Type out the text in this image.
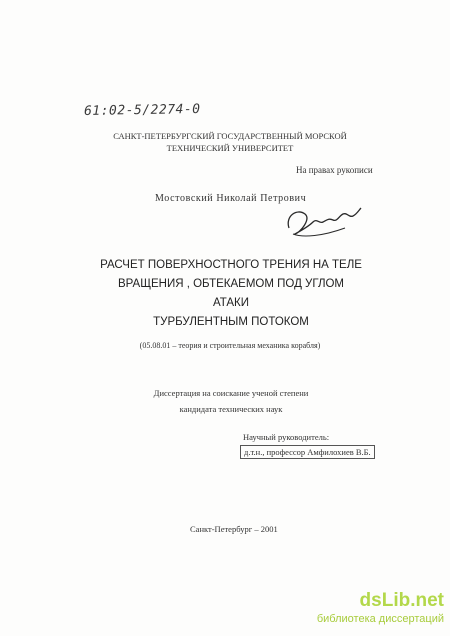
61:02-5/2274-0
САНКТ-ПЕТЕРБУРГСКИЙ ГОСУДАРСТВЕННЫЙ МОРСКОЙ ТЕХНИЧЕСКИЙ УНИВЕРСИТЕТ
На правах рукописи
Мостовский Николай Петрович
РАСЧЕТ ПОВЕРХНОСТНОГО ТРЕНИЯ НА ТЕЛЕ
ВРАЩЕНИЯ , ОБТЕКАЕМОМ ПОД УГЛОМ АТАКИ
ТУРБУЛЕНТНЫМ ПОТОКОМ
(05.08.01 – теория и строительная механика корабля)
Диссертация на соискание ученой степени
кандидата технических наук
Научный руководитель:
д.т.н., профессор Амфилохиев В.Б.
Санкт-Петербург – 2001
dsLib.net
библиотека диссертаций
